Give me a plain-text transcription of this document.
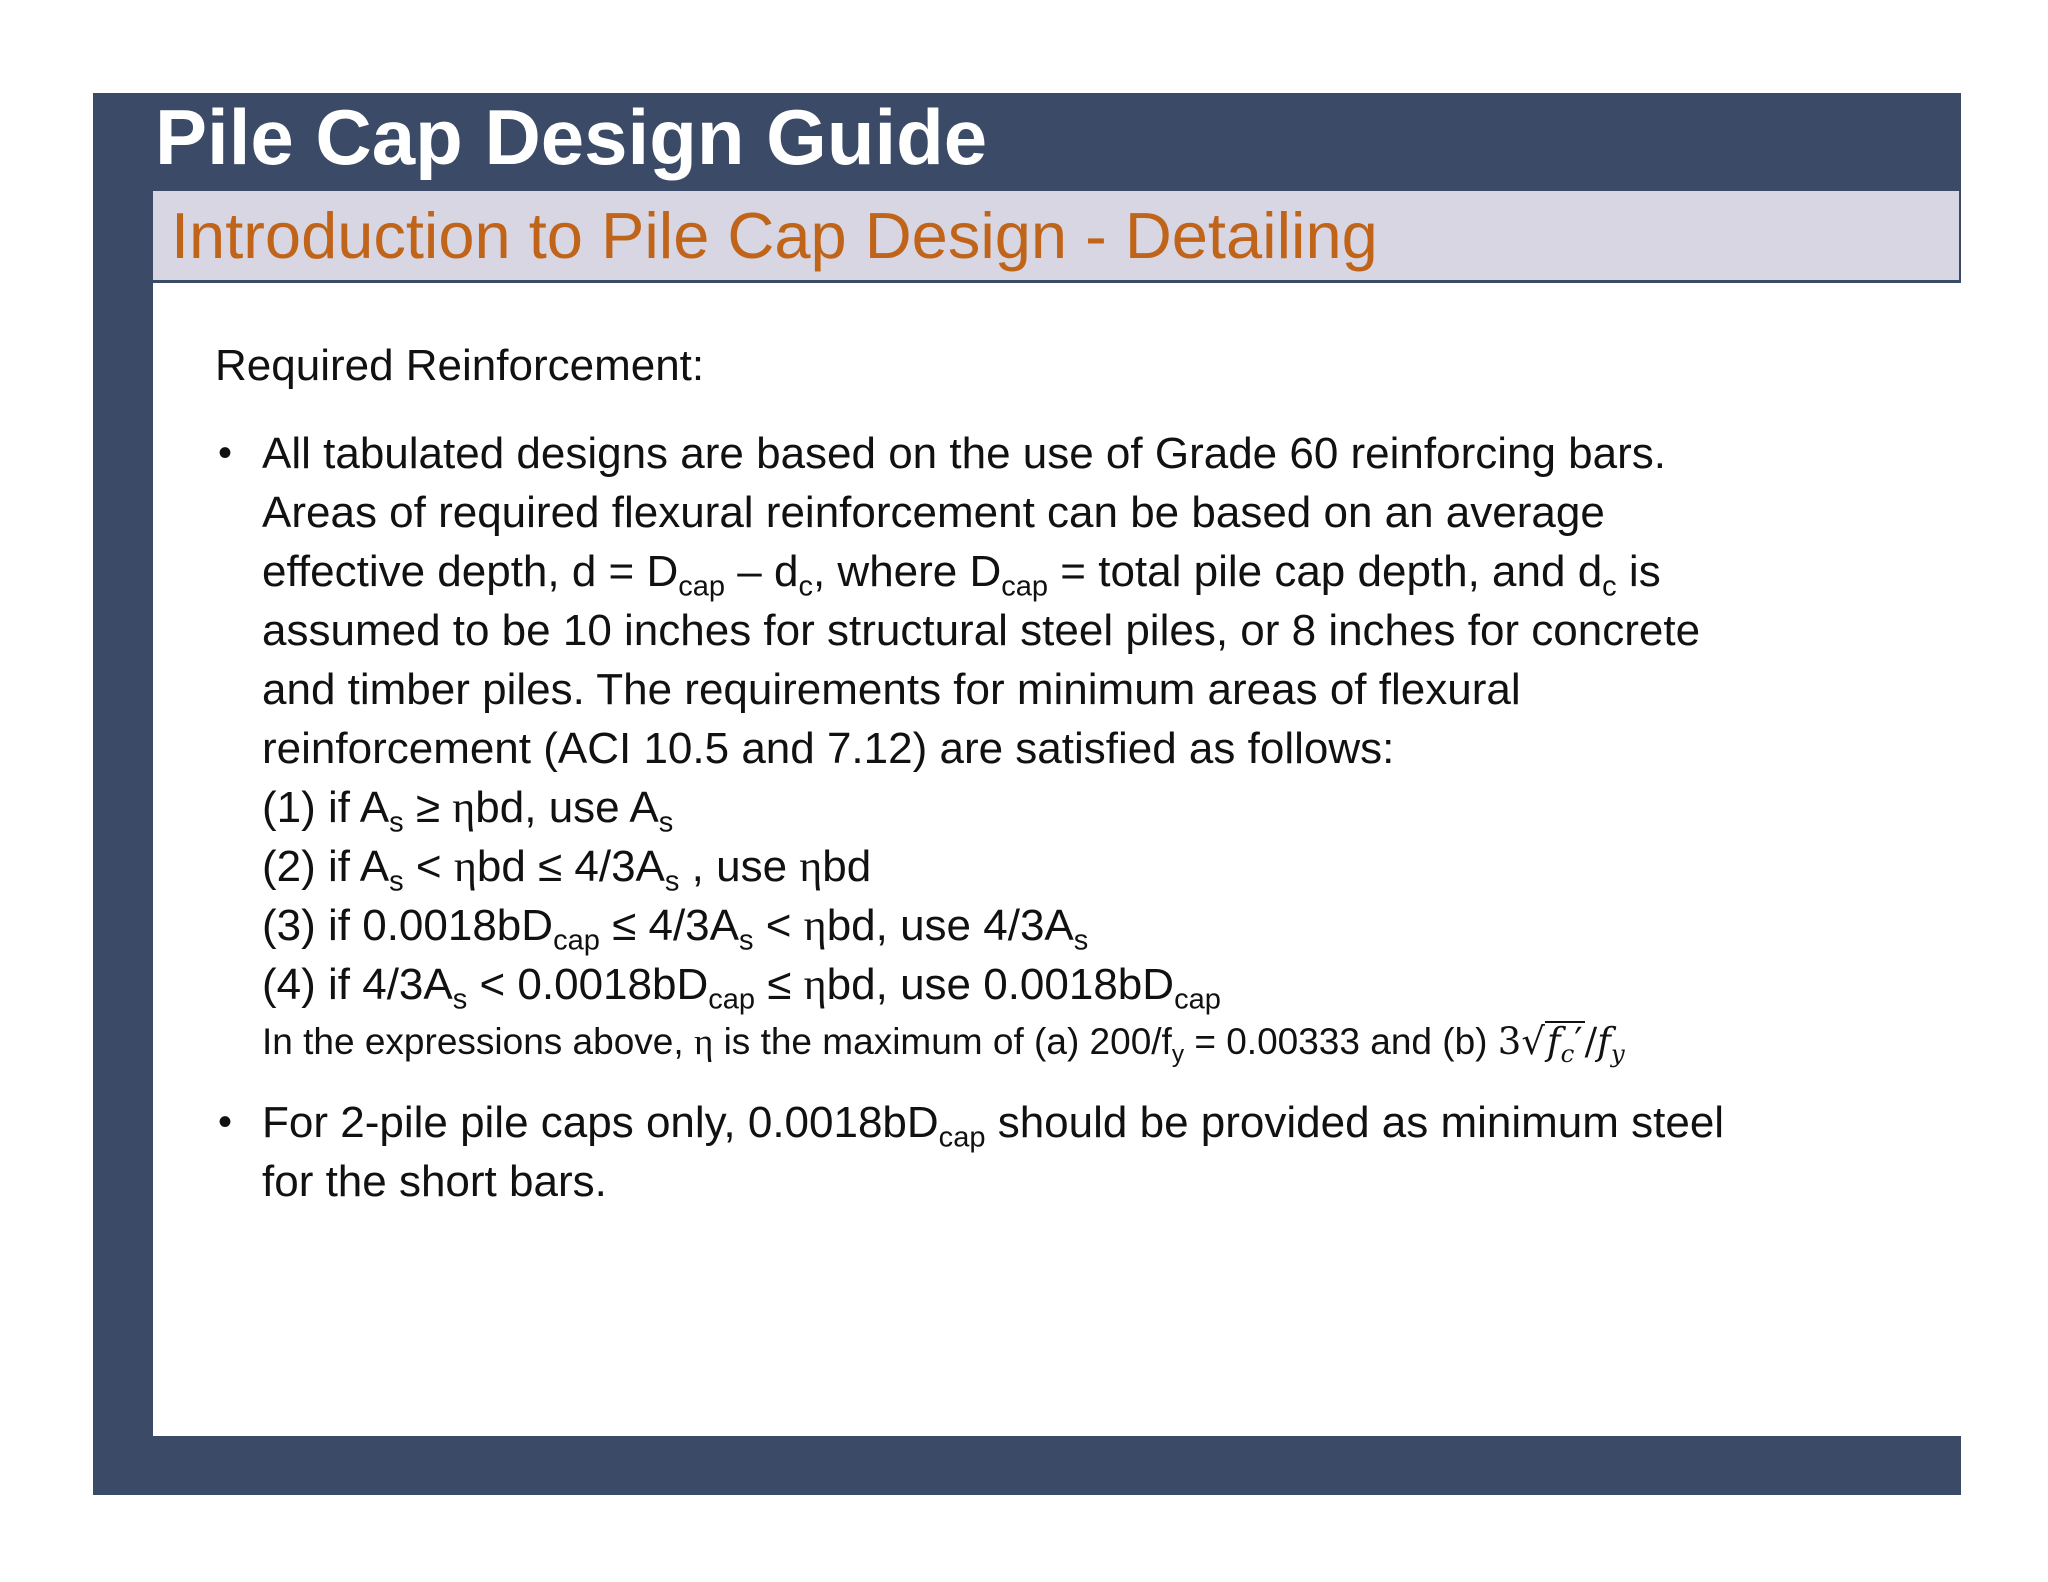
Pile Cap Design Guide
Introduction to Pile Cap Design - Detailing

Required Reinforcement:

• All tabulated designs are based on the use of Grade 60 reinforcing bars.
Areas of required flexural reinforcement can be based on an average
effective depth, $d = D_{cap} - d_c$, where $D_{cap}$ = total pile cap depth, and $d_c$ is
assumed to be 10 inches for structural steel piles, or 8 inches for concrete
and timber piles. The requirements for minimum areas of flexural
reinforcement (ACI 10.5 and 7.12) are satisfied as follows:
(1) if $A_s \ge \eta bd$, use $A_s$
(2) if $A_s < \eta bd \le 4/3A_s$ , use ηbd
(3) if $0.0018bD_{cap} \le 4/3A_s < \eta bd$, use $4/3A_s$
(4) if $4/3A_s < 0.0018bD_{cap} \le \eta bd$, use $0.0018bD_{cap}$
In the expressions above, η is the maximum of (a) $200/f_y = 0.00333$ and (b) $3√f_c'/f_y$
• For 2-pile pile caps only, $0.0018bD_{cap}$ should be provided as minimum steel
for the short bars.
